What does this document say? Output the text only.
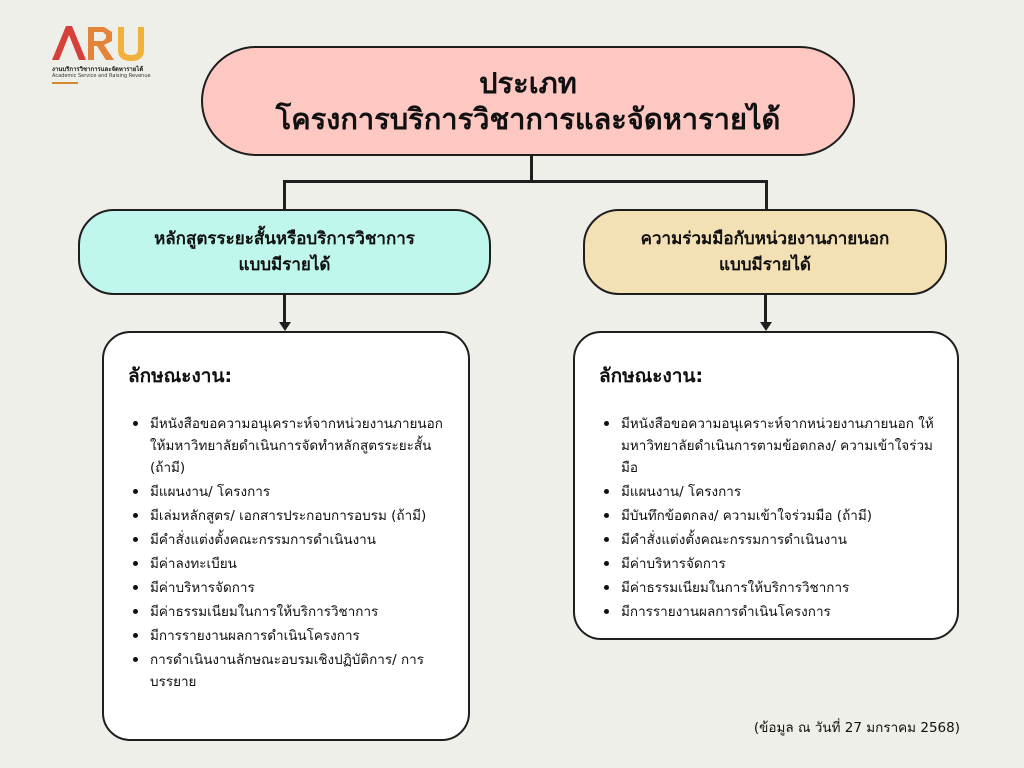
งานบริการวิชาการและจัดหารายได้
Academic Service and Raising Revenue	ประเภท
โครงการบริการวิชาการและจัดหารายได้
หลักสูตรระยะสั้นหรือบริการวิชาการ
แบบมีรายได้
ความร่วมมือกับหน่วยงานภายนอก
แบบมีรายได้
ลักษณะงาน:
มีหนังสือขอความอนุเคราะห์จากหน่วยงานภายนอก ให้มหาวิทยาลัยดำเนินการจัดทำหลักสูตรระยะสั้น (ถ้ามี)
มีแผนงาน/ โครงการ
มีเล่มหลักสูตร/ เอกสารประกอบการอบรม (ถ้ามี)
มีคำสั่งแต่งตั้งคณะกรรมการดำเนินงาน
มีค่าลงทะเบียน
มีค่าบริหารจัดการ
มีค่าธรรมเนียมในการให้บริการวิชาการ
มีการรายงานผลการดำเนินโครงการ
การดำเนินงานลักษณะอบรมเชิงปฏิบัติการ/ การบรรยาย
ลักษณะงาน:
มีหนังสือขอความอนุเคราะห์จากหน่วยงานภายนอก ให้มหาวิทยาลัยดำเนินการตามข้อตกลง/ ความเข้าใจร่วมมือ
มีแผนงาน/ โครงการ
มีบันทึกข้อตกลง/ ความเข้าใจร่วมมือ (ถ้ามี)
มีคำสั่งแต่งตั้งคณะกรรมการดำเนินงาน
มีค่าบริหารจัดการ
มีค่าธรรมเนียมในการให้บริการวิชาการ
มีการรายงานผลการดำเนินโครงการ
(ข้อมูล ณ วันที่ 27 มกราคม 2568)
